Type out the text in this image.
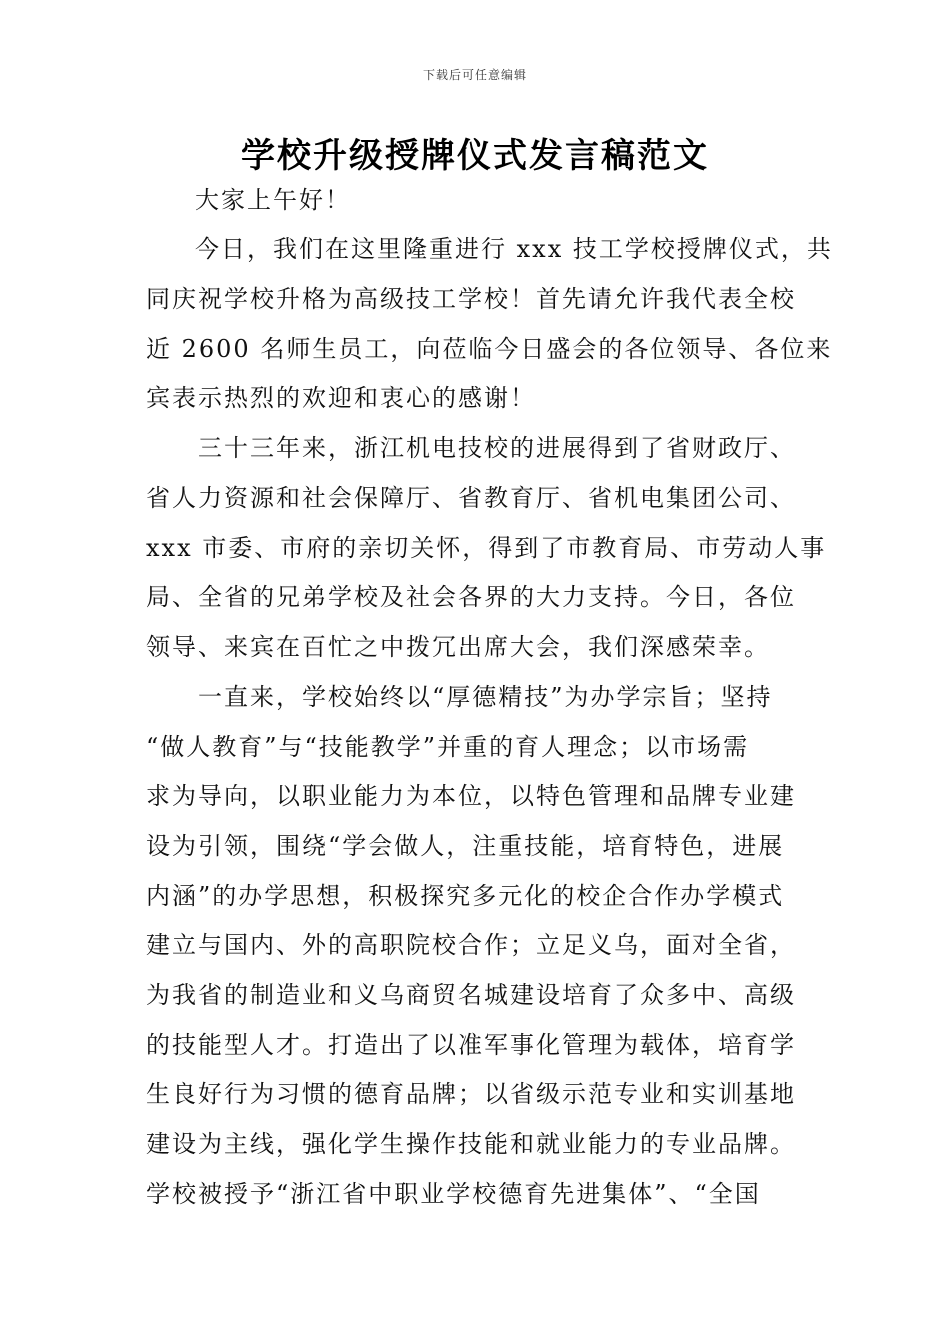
下载后可任意编辑
学校升级授牌仪式发言稿范文
大家上午好！
今日，我们在这里隆重进行 xxx 技工学校授牌仪式，共
同庆祝学校升格为高级技工学校！首先请允许我代表全校
近 2600 名师生员工，向莅临今日盛会的各位领导、各位来
宾表示热烈的欢迎和衷心的感谢！
三十三年来，浙江机电技校的进展得到了省财政厅、
省人力资源和社会保障厅、省教育厅、省机电集团公司、
xxx 市委、市府的亲切关怀，得到了市教育局、市劳动人事
局、全省的兄弟学校及社会各界的大力支持。今日，各位
领导、来宾在百忙之中拨冗出席大会，我们深感荣幸。
一直来，学校始终以“厚德精技”为办学宗旨；坚持
“做人教育”与“技能教学”并重的育人理念；以市场需
求为导向，以职业能力为本位，以特色管理和品牌专业建
设为引领，围绕“学会做人，注重技能，培育特色，进展
内涵”的办学思想，积极探究多元化的校企合作办学模式
建立与国内、外的高职院校合作；立足义乌，面对全省，
为我省的制造业和义乌商贸名城建设培育了众多中、高级
的技能型人才。打造出了以准军事化管理为载体，培育学
生良好行为习惯的德育品牌；以省级示范专业和实训基地
建设为主线，强化学生操作技能和就业能力的专业品牌。
学校被授予“浙江省中职业学校德育先进集体”、“全国
